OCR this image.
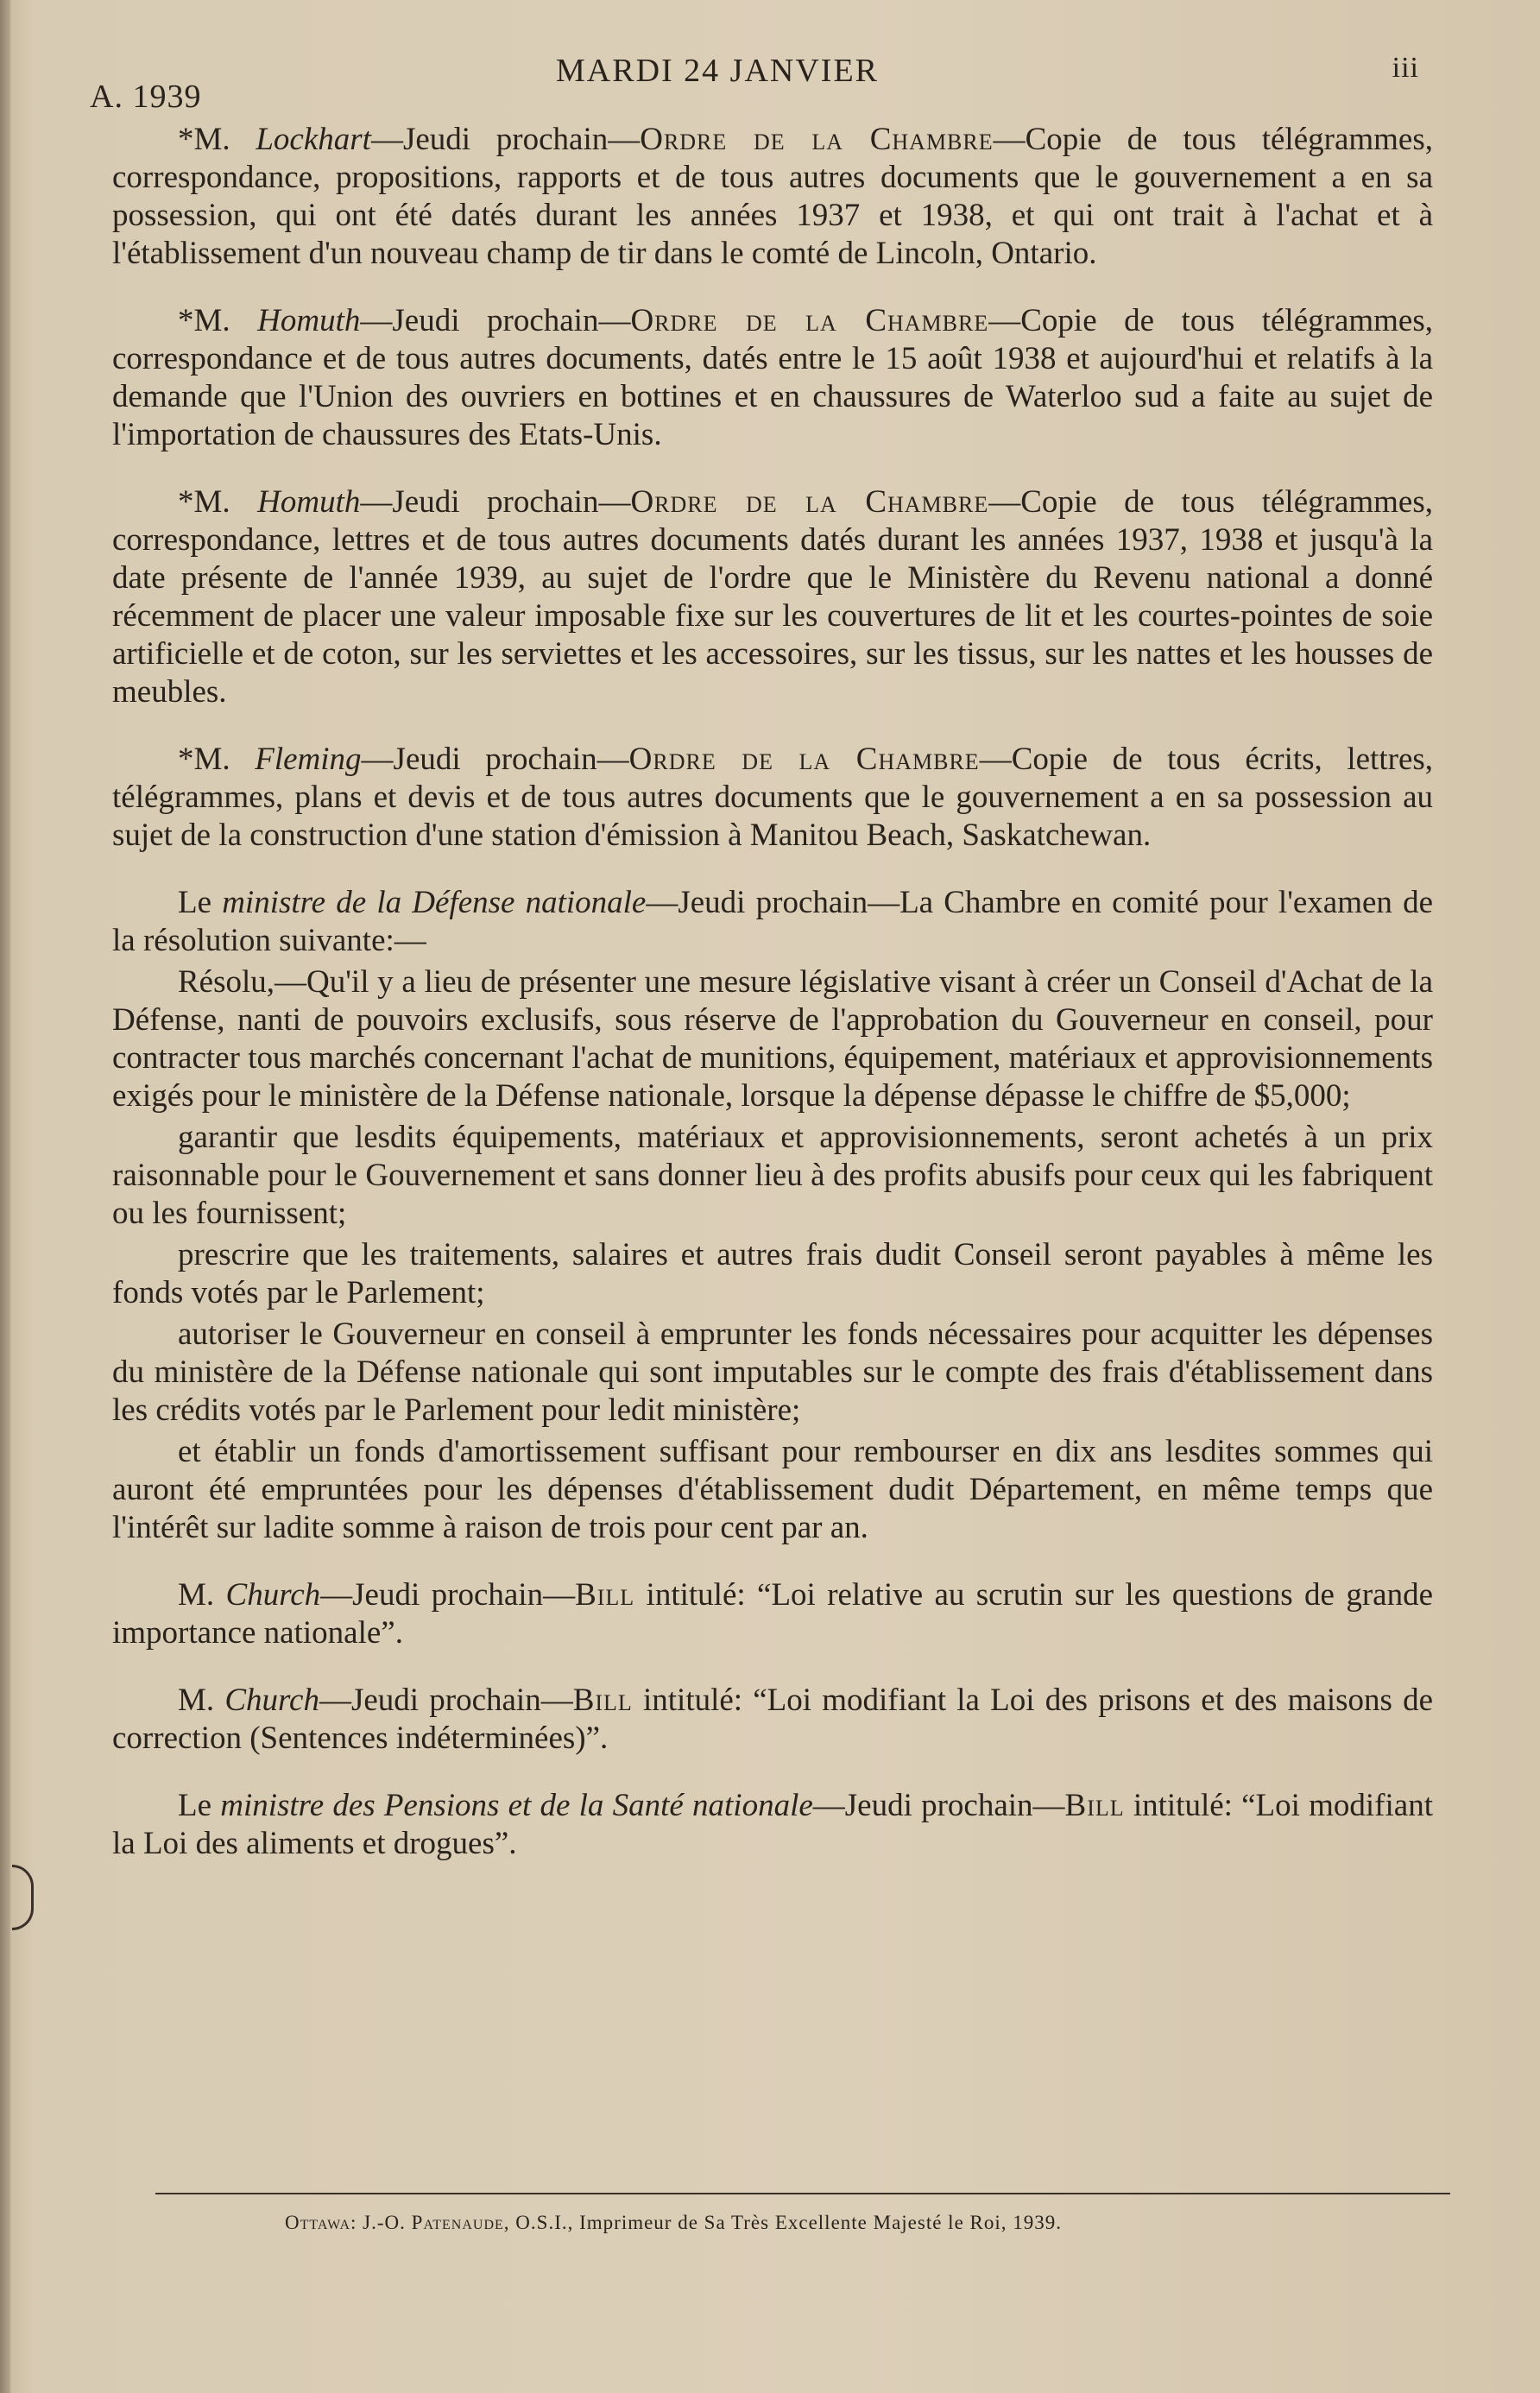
A. 1939
MARDI 24 JANVIER	iii

*M. Lockhart—Jeudi prochain—Ordre de la Chambre—Copie de tous télégrammes, correspondance, propositions, rapports et de tous autres documents que le gouvernement a en sa possession, qui ont été datés durant les années 1937 et 1938, et qui ont trait à l'achat et à l'établissement d'un nouveau champ de tir dans le comté de Lincoln, Ontario.

*M. Homuth—Jeudi prochain—Ordre de la Chambre—Copie de tous télégrammes, correspondance et de tous autres documents, datés entre le 15 août 1938 et aujourd'hui et relatifs à la demande que l'Union des ouvriers en bottines et en chaussures de Waterloo sud a faite au sujet de l'importation de chaussures des Etats-Unis.

*M. Homuth—Jeudi prochain—Ordre de la Chambre—Copie de tous télégrammes, correspondance, lettres et de tous autres documents datés durant les années 1937, 1938 et jusqu'à la date présente de l'année 1939, au sujet de l'ordre que le Ministère du Revenu national a donné récemment de placer une valeur imposable fixe sur les couvertures de lit et les courtes-pointes de soie artificielle et de coton, sur les serviettes et les accessoires, sur les tissus, sur les nattes et les housses de meubles.

*M. Fleming—Jeudi prochain—Ordre de la Chambre—Copie de tous écrits, lettres, télégrammes, plans et devis et de tous autres documents que le gouvernement a en sa possession au sujet de la construction d'une station d'émission à Manitou Beach, Saskatchewan.

Le ministre de la Défense nationale—Jeudi prochain—La Chambre en comité pour l'examen de la résolution suivante:—

Résolu,—Qu'il y a lieu de présenter une mesure législative visant à créer un Conseil d'Achat de la Défense, nanti de pouvoirs exclusifs, sous réserve de l'approbation du Gouverneur en conseil, pour contracter tous marchés concernant l'achat de munitions, équipement, matériaux et approvisionnements exigés pour le ministère de la Défense nationale, lorsque la dépense dépasse le chiffre de $5,000;

garantir que lesdits équipements, matériaux et approvisionnements, seront achetés à un prix raisonnable pour le Gouvernement et sans donner lieu à des profits abusifs pour ceux qui les fabriquent ou les fournissent;

prescrire que les traitements, salaires et autres frais dudit Conseil seront payables à même les fonds votés par le Parlement;

autoriser le Gouverneur en conseil à emprunter les fonds nécessaires pour acquitter les dépenses du ministère de la Défense nationale qui sont imputables sur le compte des frais d'établissement dans les crédits votés par le Parlement pour ledit ministère;

et établir un fonds d'amortissement suffisant pour rembourser en dix ans lesdites sommes qui auront été empruntées pour les dépenses d'établissement dudit Département, en même temps que l'intérêt sur ladite somme à raison de trois pour cent par an.

M. Church—Jeudi prochain—Bill intitulé: “Loi relative au scrutin sur les questions de grande importance nationale”.

M. Church—Jeudi prochain—Bill intitulé: “Loi modifiant la Loi des prisons et des maisons de correction (Sentences indéterminées)”.

Le ministre des Pensions et de la Santé nationale—Jeudi prochain—Bill intitulé: “Loi modifiant la Loi des aliments et drogues”.

Ottawa: J.-O. Patenaude, O.S.I., Imprimeur de Sa Très Excellente Majesté le Roi, 1939.
